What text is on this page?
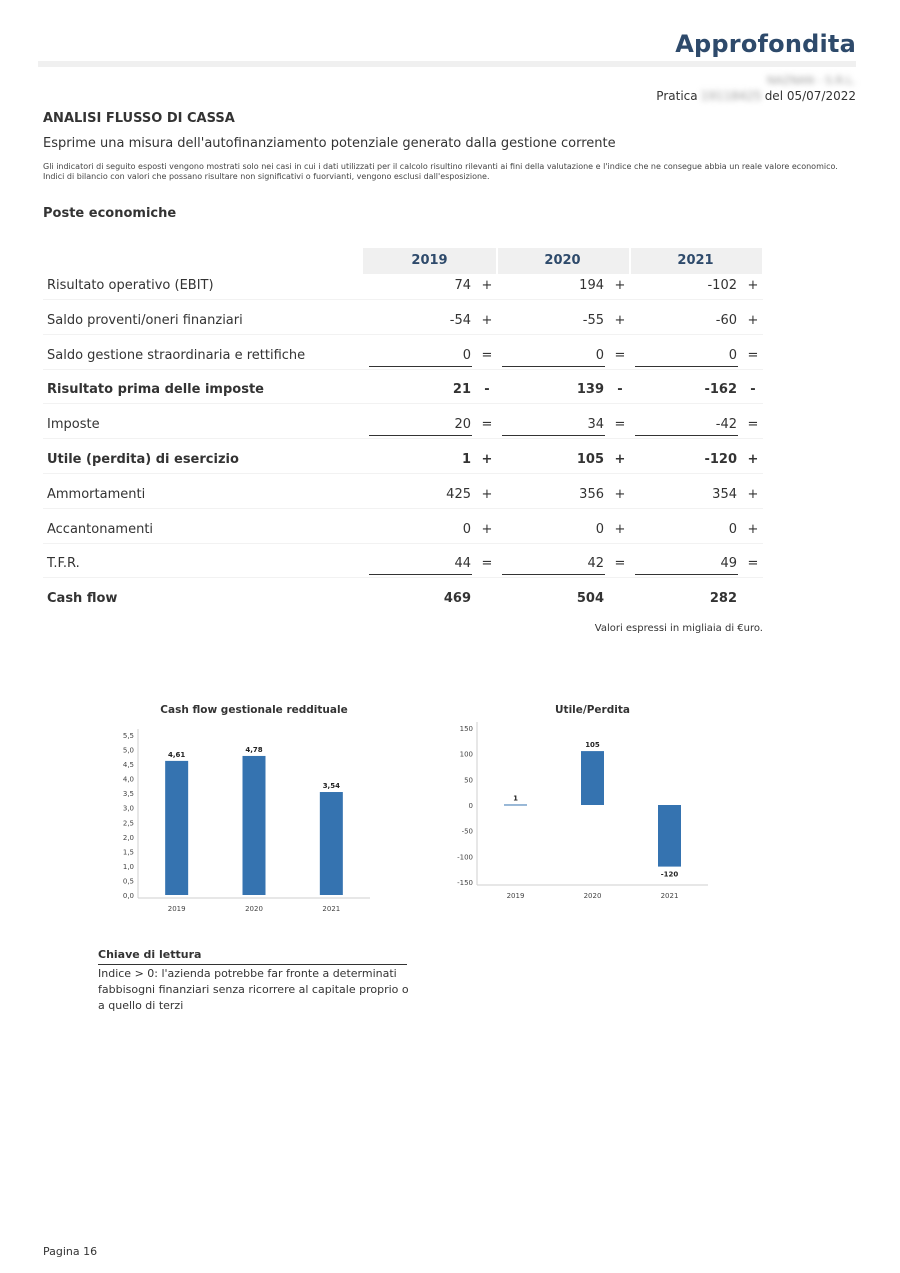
Approfondita
NAZNAN - S.R.L.
Pratica 19118425 del 05/07/2022
ANALISI FLUSSO DI CASSA
Esprime una misura dell'autofinanziamento potenziale generato dalla gestione corrente
Gli indicatori di seguito esposti vengono mostrati solo nei casi in cui i dati utilizzati per il calcolo risultino rilevanti ai fini della valutazione e l'indice che ne consegue abbia un reale valore economico.
Indici di bilancio con valori che possano risultare non significativi o fuorvianti, vengono esclusi dall'esposizione.
Poste economiche
2019	2020	2021
Risultato operativo (EBIT)	74 +	194 +	-102 +
Saldo proventi/oneri finanziari	-54 +	-55 +	-60 +
Saldo gestione straordinaria e rettifiche	0 =	0 =	0 =
Risultato prima delle imposte	21	-	139	-	-162	-
Imposte	20 =	34 =	-42 =
Utile (perdita) di esercizio	1 +	105 +	-120 +
Ammortamenti	425 +	356 +	354 +
Accantonamenti	0 +	0 +	0 +
T.F.R.	44 =	42 =	49 =
Cash flow	469	504	282
Valori espressi in migliaia di €uro.
Cash flow gestionale reddituale
0,0
0,5
1,0
1,5
2,0
2,5
3,0
3,5
4,0
4,5
5,0
5,5
4,61
2019
4,78
2020
3,54
2021
Utile/Perdita
150
100
50
0
-50
-100
-150
1
2019
105
2020
-120
2021
Chiave di lettura
Indice > 0: l'azienda potrebbe far fronte a determinati fabbisogni finanziari senza ricorrere al capitale proprio o a quello di terzi
Pagina 16
